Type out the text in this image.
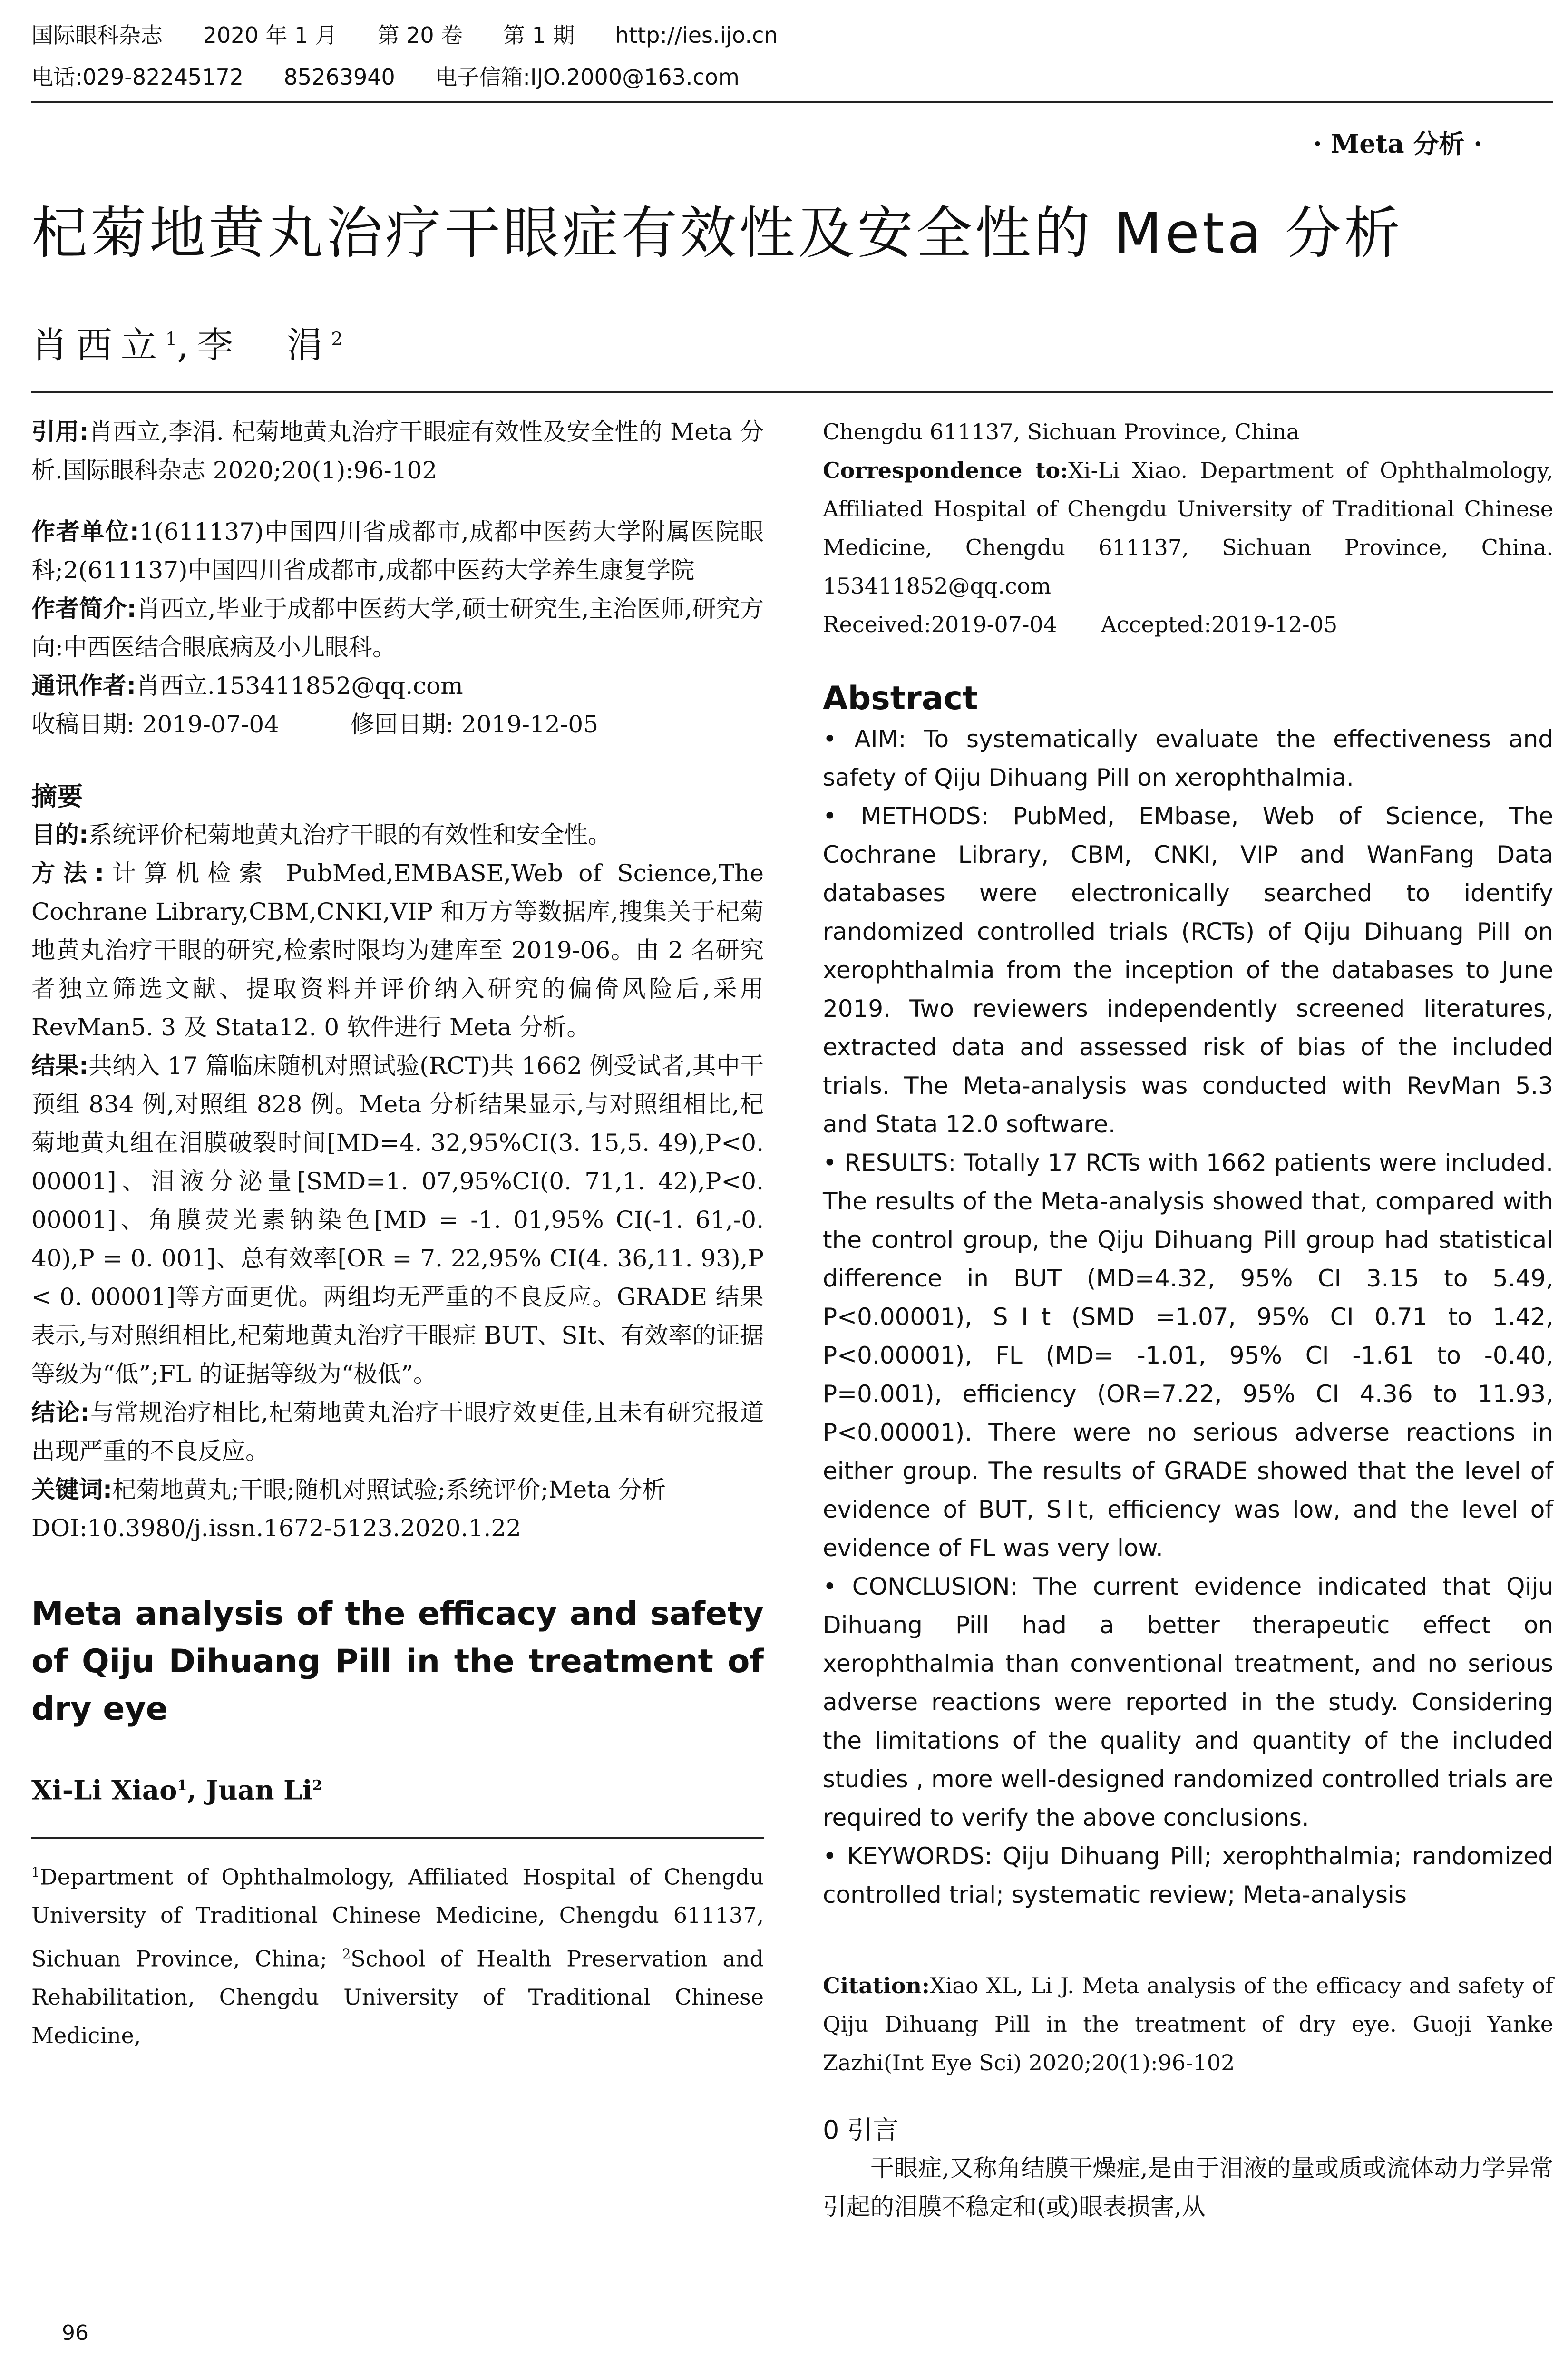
国际眼科杂志 2020 年 1 月 第 20 卷 第 1 期 http://ies.ijo.cn
电话:029-82245172 85263940 电子信箱:IJO.2000@163.com
· Meta 分析 ·
杞菊地黄丸治疗干眼症有效性及安全性的 Meta 分析
肖西立$^1$,李　涓$^2$

引用:肖西立,李涓. 杞菊地黄丸治疗干眼症有效性及安全性的 Meta 分析.国际眼科杂志 2020;20(1):96-102

作者单位:1(611137)中国四川省成都市,成都中医药大学附属医院眼科;2(611137)中国四川省成都市,成都中医药大学养生康复学院

作者简介:肖西立,毕业于成都中医药大学,硕士研究生,主治医师,研究方向:中西医结合眼底病及小儿眼科。

通讯作者:肖西立.153411852@qq.com

收稿日期: 2019-07-04　　　	修回日期: 2019-12-05

摘要

目的:系统评价杞菊地黄丸治疗干眼的有效性和安全性。

方法:计算机检索 PubMed,EMBASE,Web of Science,The Cochrane Library,CBM,CNKI,VIP 和万方等数据库,搜集关于杞菊地黄丸治疗干眼的研究,检索时限均为建库至 2019-06。由 2 名研究者独立筛选文献、提取资料并评价纳入研究的偏倚风险后,采用 RevMan5. 3 及 Stata12. 0 软件进行 Meta 分析。

结果:共纳入 17 篇临床随机对照试验(RCT)共 1662 例受试者,其中干预组 834 例,对照组 828 例。Meta 分析结果显示,与对照组相比,杞菊地黄丸组在泪膜破裂时间[MD=4. 32,95%CI(3. 15,5. 49),P<0. 00001]、泪液分泌量[SMD=1. 07,95%CI(0. 71,1. 42),P<0. 00001]、角膜荧光素钠染色[MD = -1. 01,95% CI(-1. 61,-0. 40),P = 0. 001]、总有效率[OR = 7. 22,95% CI(4. 36,11. 93),P < 0. 00001]等方面更优。两组均无严重的不良反应。GRADE 结果表示,与对照组相比,杞菊地黄丸治疗干眼症 BUT、SⅠt、有效率的证据等级为“低”;FL 的证据等级为“极低”。

结论:与常规治疗相比,杞菊地黄丸治疗干眼疗效更佳,且未有研究报道出现严重的不良反应。

关键词:杞菊地黄丸;干眼;随机对照试验;系统评价;Meta 分析

DOI:10.3980/j.issn.1672-5123.2020.1.22

Meta analysis of the efficacy and safety of Qiju Dihuang Pill in the treatment of dry eye

Xi-Li Xiao$^1$, Juan Li$^2$

$^1$Department of Ophthalmology, Affiliated Hospital of Chengdu University of Traditional Chinese Medicine, Chengdu 611137, Sichuan Province, China; $^2$School of Health Preservation and Rehabilitation, Chengdu University of Traditional Chinese Medicine,

Chengdu 611137, Sichuan Province, China

Correspondence to:Xi-Li Xiao. Department of Ophthalmology, Affiliated Hospital of Chengdu University of Traditional Chinese Medicine, Chengdu 611137, Sichuan Province, China. 153411852@qq.com

Received:2019-07-04　　 Accepted:2019-12-05

Abstract

• AIM: To systematically evaluate the effectiveness and safety of Qiju Dihuang Pill on xerophthalmia.

• METHODS: PubMed, EMbase, Web of Science, The Cochrane Library, CBM, CNKI, VIP and WanFang Data databases were electronically searched to identify randomized controlled trials (RCTs) of Qiju Dihuang Pill on xerophthalmia from the inception of the databases to June 2019. Two reviewers independently screened literatures, extracted data and assessed risk of bias of the included trials. The Meta-analysis was conducted with RevMan 5.3 and Stata 12.0 software.

• RESULTS: Totally 17 RCTs with 1662 patients were included. The results of the Meta-analysis showed that, compared with the control group, the Qiju Dihuang Pill group had statistical difference in BUT (MD=4.32, 95% CI 3.15 to 5.49, P<0.00001), SⅠt (SMD =1.07, 95% CI 0.71 to 1.42, P<0.00001), FL (MD= -1.01, 95% CI -1.61 to -0.40, P=0.001), efficiency (OR=7.22, 95% CI 4.36 to 11.93, P<0.00001). There were no serious adverse reactions in either group. The results of GRADE showed that the level of evidence of BUT, SⅠt, efficiency was low, and the level of evidence of FL was very low.

• CONCLUSION: The current evidence indicated that Qiju Dihuang Pill had a better therapeutic effect on xerophthalmia than conventional treatment, and no serious adverse reactions were reported in the study. Considering the limitations of the quality and quantity of the included studies , more well-designed randomized controlled trials are required to verify the above conclusions.

• KEYWORDS: Qiju Dihuang Pill; xerophthalmia; randomized controlled trial; systematic review; Meta-analysis

Citation:Xiao XL, Li J. Meta analysis of the efficacy and safety of Qiju Dihuang Pill in the treatment of dry eye. Guoji Yanke Zazhi(Int Eye Sci) 2020;20(1):96-102

0 引言

干眼症,又称角结膜干燥症,是由于泪液的量或质或流体动力学异常引起的泪膜不稳定和(或)眼表损害,从

96
